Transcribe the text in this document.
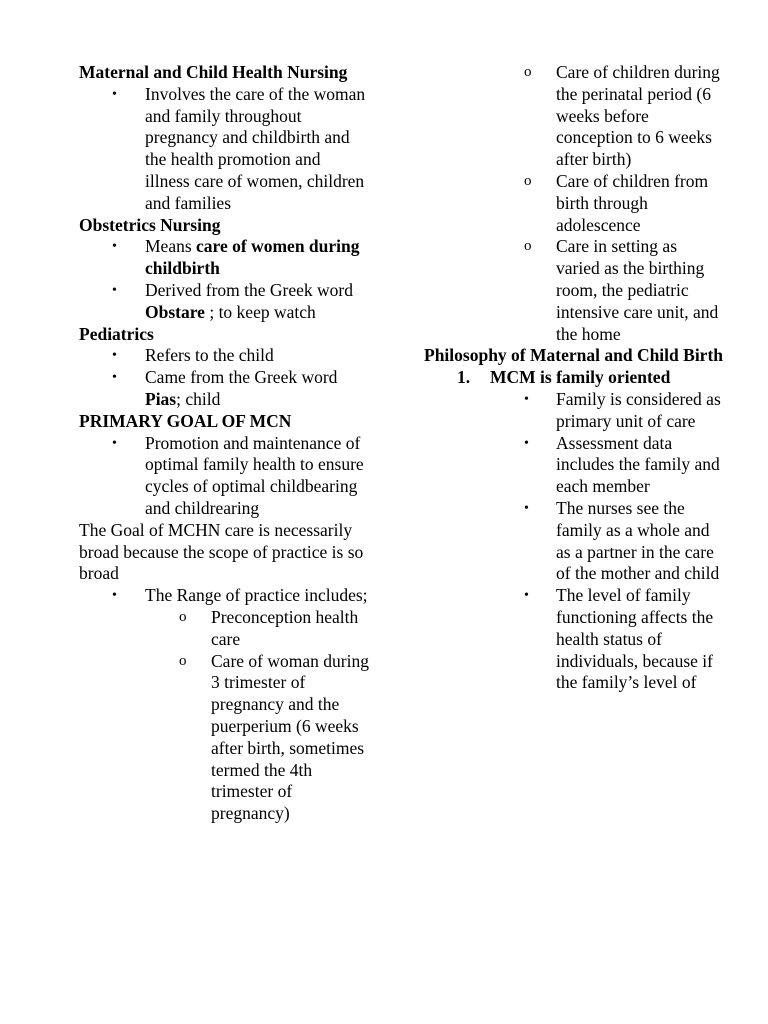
Maternal and Child Health Nursing
• Involves the care of the woman and family throughout pregnancy and childbirth and the health promotion and illness care of women, children and families
Obstetrics Nursing
• Means care of women during childbirth
• Derived from the Greek word Obstare ; to keep watch
Pediatrics
• Refers to the child
• Came from the Greek word Pias; child
PRIMARY GOAL OF MCN
• Promotion and maintenance of optimal family health to ensure cycles of optimal childbearing and childrearing

The Goal of MCHN care is necessarily broad because the scope of practice is so broad

• The Range of practice includes;
o Preconception health care
o Care of woman during 3 trimester of pregnancy and the puerperium (6 weeks after birth, sometimes termed the 4th trimester of pregnancy)
o Care of children during the perinatal period (6 weeks before conception to 6 weeks after birth)
o Care of children from birth through adolescence
o Care in setting as varied as the birthing room, the pediatric intensive care unit, and the home
Philosophy of Maternal and Child Birth
1. MCM is family oriented
• Family is considered as primary unit of care
• Assessment data includes the family and each member
• The nurses see the family as a whole and as a partner in the care of the mother and child
• The level of family functioning affects the health status of individuals, because if the family’s level of
